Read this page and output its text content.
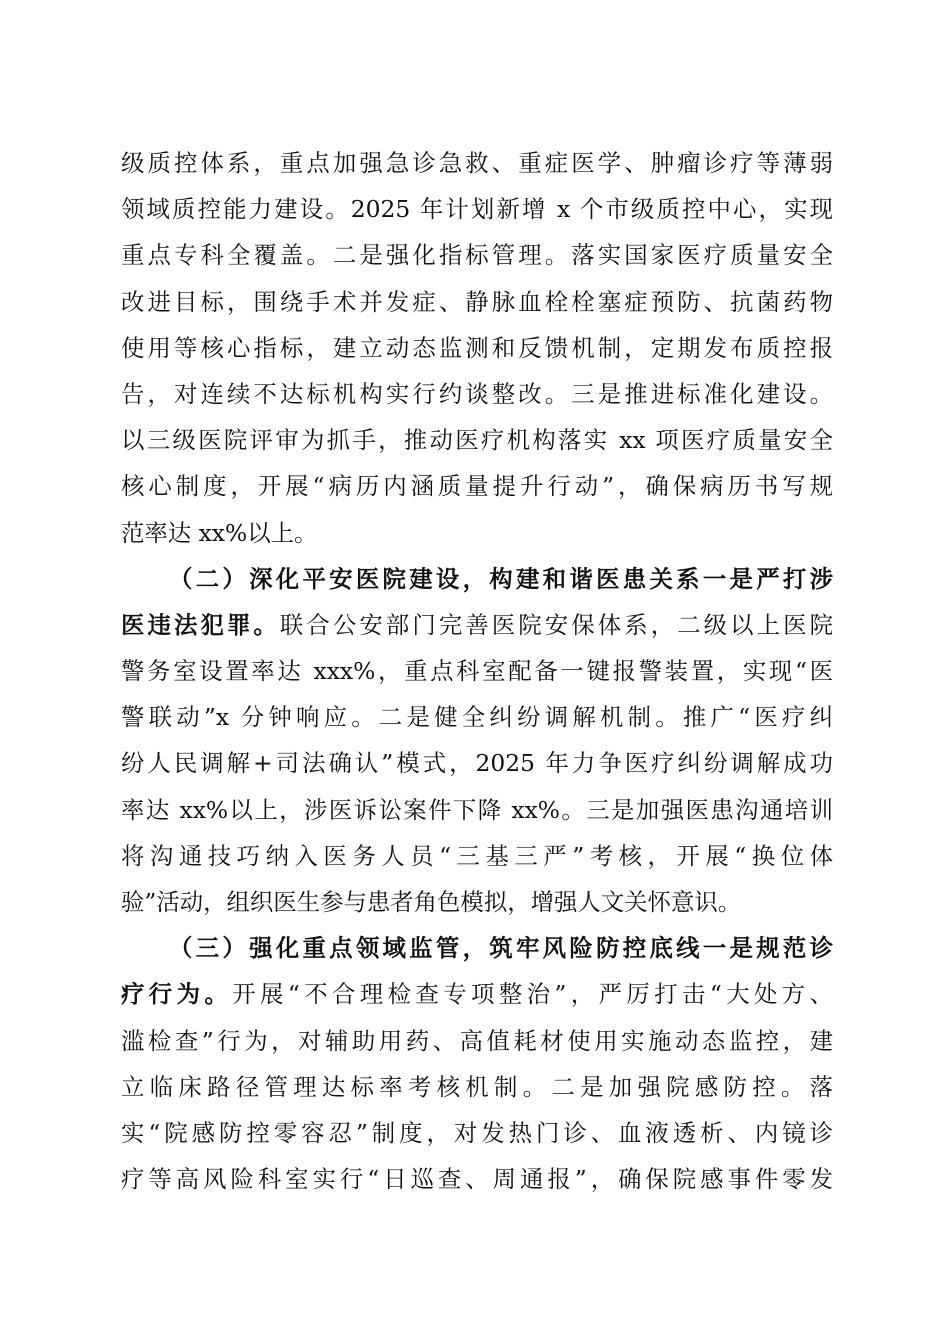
级质控体系，重点加强急诊急救、重症医学、肿瘤诊疗等薄弱
领域质控能力建设。2025 年计划新增 x 个市级质控中心，实现
重点专科全覆盖。二是强化指标管理。落实国家医疗质量安全
改进目标，围绕手术并发症、静脉血栓栓塞症预防、抗菌药物
使用等核心指标，建立动态监测和反馈机制，定期发布质控报
告，对连续不达标机构实行约谈整改。三是推进标准化建设。
以三级医院评审为抓手，推动医疗机构落实 xx 项医疗质量安全
核心制度，开展“病历内涵质量提升行动”，确保病历书写规
范率达 xx%以上。
（二）深化平安医院建设，构建和谐医患关系一是严打涉
医违法犯罪。联合公安部门完善医院安保体系，二级以上医院
警务室设置率达 xxx%，重点科室配备一键报警装置，实现“医
警联动”x 分钟响应。二是健全纠纷调解机制。推广“医疗纠
纷人民调解+司法确认”模式，2025 年力争医疗纠纷调解成功
率达 xx%以上，涉医诉讼案件下降 xx%。三是加强医患沟通培训
将沟通技巧纳入医务人员“三基三严”考核，开展“换位体
验”活动，组织医生参与患者角色模拟，增强人文关怀意识。
（三）强化重点领域监管，筑牢风险防控底线一是规范诊
疗行为。开展“不合理检查专项整治”，严厉打击“大处方、
滥检查”行为，对辅助用药、高值耗材使用实施动态监控，建
立临床路径管理达标率考核机制。二是加强院感防控。落
实“院感防控零容忍”制度，对发热门诊、血液透析、内镜诊
疗等高风险科室实行“日巡查、周通报”，确保院感事件零发
